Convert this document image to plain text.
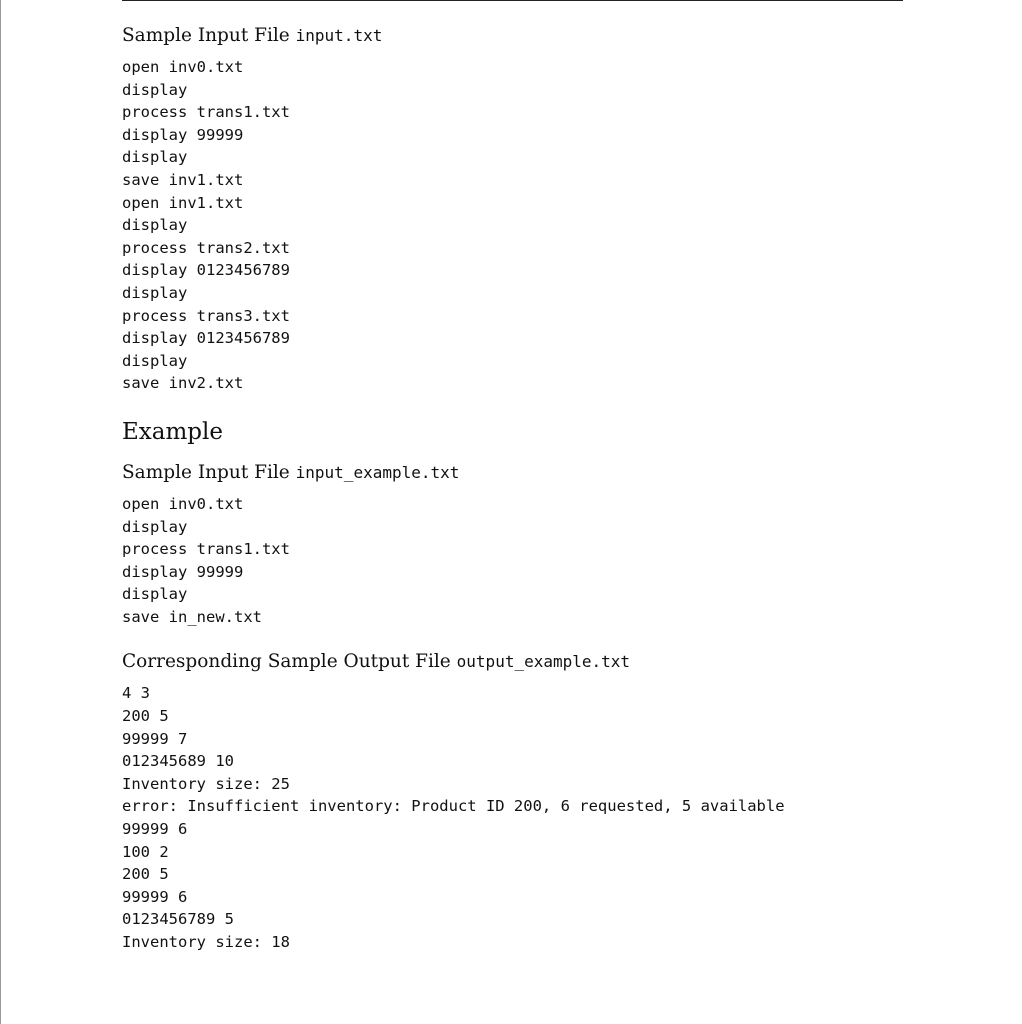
Sample Input File input.txt
open inv0.txt
display
process trans1.txt
display 99999
display
save inv1.txt
open inv1.txt
display
process trans2.txt
display 0123456789
display
process trans3.txt
display 0123456789
display
save inv2.txt
Example
Sample Input File input_example.txt
open inv0.txt
display
process trans1.txt
display 99999
display
save in_new.txt
Corresponding Sample Output File output_example.txt
4 3
200 5
99999 7
012345689 10
Inventory size: 25
error: Insufficient inventory: Product ID 200, 6 requested, 5 available
99999 6
100 2
200 5
99999 6
0123456789 5
Inventory size: 18
